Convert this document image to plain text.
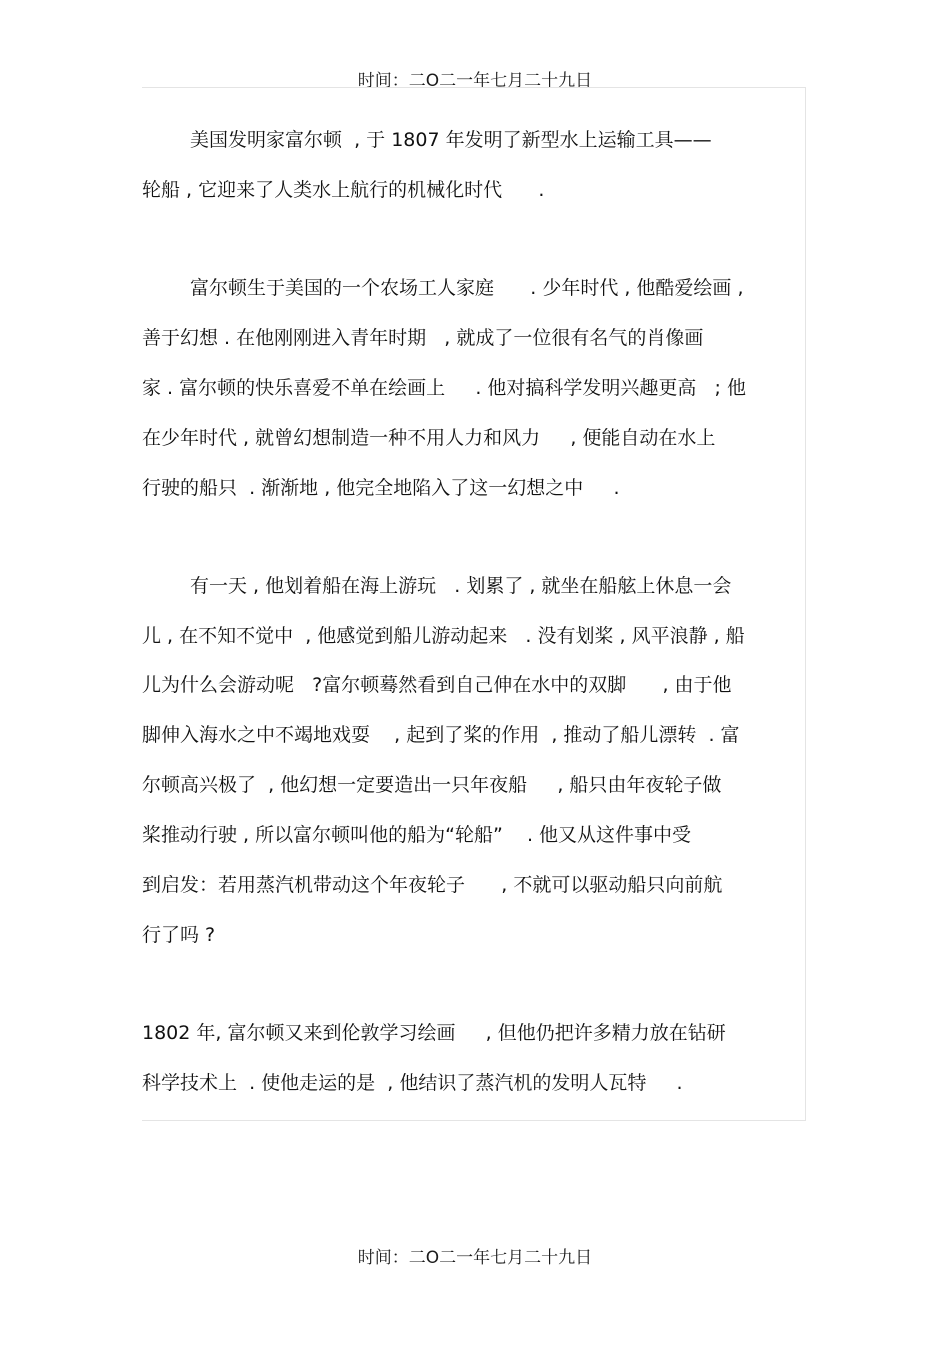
时间：二O二一年七月二十九日
美国发明家富尔顿  , 于 1807 年发明了新型水上运输工具——
轮船 , 它迎来了人类水上航行的机械化时代      .
富尔顿生于美国的一个农场工人家庭      . 少年时代 , 他酷爱绘画 ,
善于幻想 . 在他刚刚进入青年时期   , 就成了一位很有名气的肖像画
家 . 富尔顿的快乐喜爱不单在绘画上     . 他对搞科学发明兴趣更高   ; 他
在少年时代 , 就曾幻想制造一种不用人力和风力     , 便能自动在水上
行驶的船只  . 渐渐地 , 他完全地陷入了这一幻想之中     .
有一天 , 他划着船在海上游玩   . 划累了 , 就坐在船舷上休息一会
儿 , 在不知不觉中  , 他感觉到船儿游动起来   . 没有划桨 , 风平浪静 , 船
儿为什么会游动呢   ?富尔顿蓦然看到自己伸在水中的双脚      , 由于他
脚伸入海水之中不竭地戏耍    , 起到了桨的作用  , 推动了船儿漂转  . 富
尔顿高兴极了  , 他幻想一定要造出一只年夜船     , 船只由年夜轮子做
桨推动行驶 , 所以富尔顿叫他的船为“轮船”    . 他又从这件事中受
到启发：若用蒸汽机带动这个年夜轮子      , 不就可以驱动船只向前航
行了吗 ?
1802 年, 富尔顿又来到伦敦学习绘画     , 但他仍把许多精力放在钻研
科学技术上  . 使他走运的是  , 他结识了蒸汽机的发明人瓦特     .
时间：二O二一年七月二十九日
